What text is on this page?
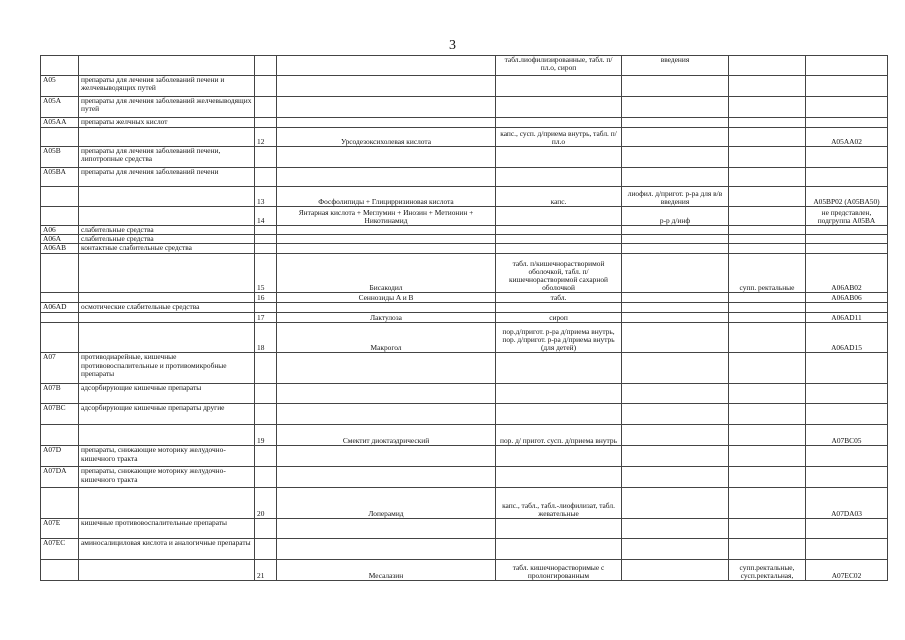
3
				табл.лиофилизированные, табл. п/пл.о, сироп	введения		
A05	препараты для лечения заболеваний печени и желчевыводящих путей						
A05A	препараты для лечения заболеваний желчевыводящих путей						
A05AA	препараты желчных кислот						
		12	Урсодезоксихолевая кислота	капс., сусп. д/приема внутрь, табл. п/пл.о			A05AA02
A05B	препараты для лечения заболеваний печени, липотропные средства						
A05BA	препараты для лечения заболеваний печени						
		13	Фосфолипиды + Глицирризиновая кислота	капс.	лиофил. д/пригот. р-ра для в/в введения		A05BP02 (A05BA50)
		14	Янтарная кислота + Меглумин + Инозин + Метионин + Никотинамид		р-р д/инф		не представлен, подгруппа A05BA
A06	слабительные средства						
A06A	слабительные средства						
A06AB	контактные слабительные средства						
		15	Бисакодил	табл. п/кишечнорастворимой оболочкой, табл. п/кишечнорастворимой сахарной оболочкой		супп. ректальные	A06AB02
		16	Сеннозиды A и B	табл.			A06AB06
A06AD	осмотические слабительные средства						
		17	Лактулоза	сироп			A06AD11
		18	Макрогол	пор.д/пригот. р-ра д/приема внутрь, пор. д/пригот. р-ра д/приема внутрь (для детей)			A06AD15
A07	противодиарейные, кишечные противовоспалительные и противомикробные препараты						
A07B	адсорбирующие кишечные препараты						
A07BC	адсорбирующие кишечные препараты другие						
		19	Смектит диоктаэдрический	пор. д/ пригот. сусп. д/приема внутрь			A07BC05
A07D	препараты, снижающие моторику желудочно-кишечного тракта						
A07DA	препараты, снижающие моторику желудочно-кишечного тракта						
		20	Лоперамид	капс., табл., табл.-лиофилизат, табл. жевательные			A07DA03
A07E	кишечные противовоспалительные препараты						
A07EC	аминосалициловая кислота и аналогичные препараты						
		21	Месалазин	табл. кишечнорастворимые с пролонгированным		супп.ректальные, сусп.ректальная,	A07EC02
